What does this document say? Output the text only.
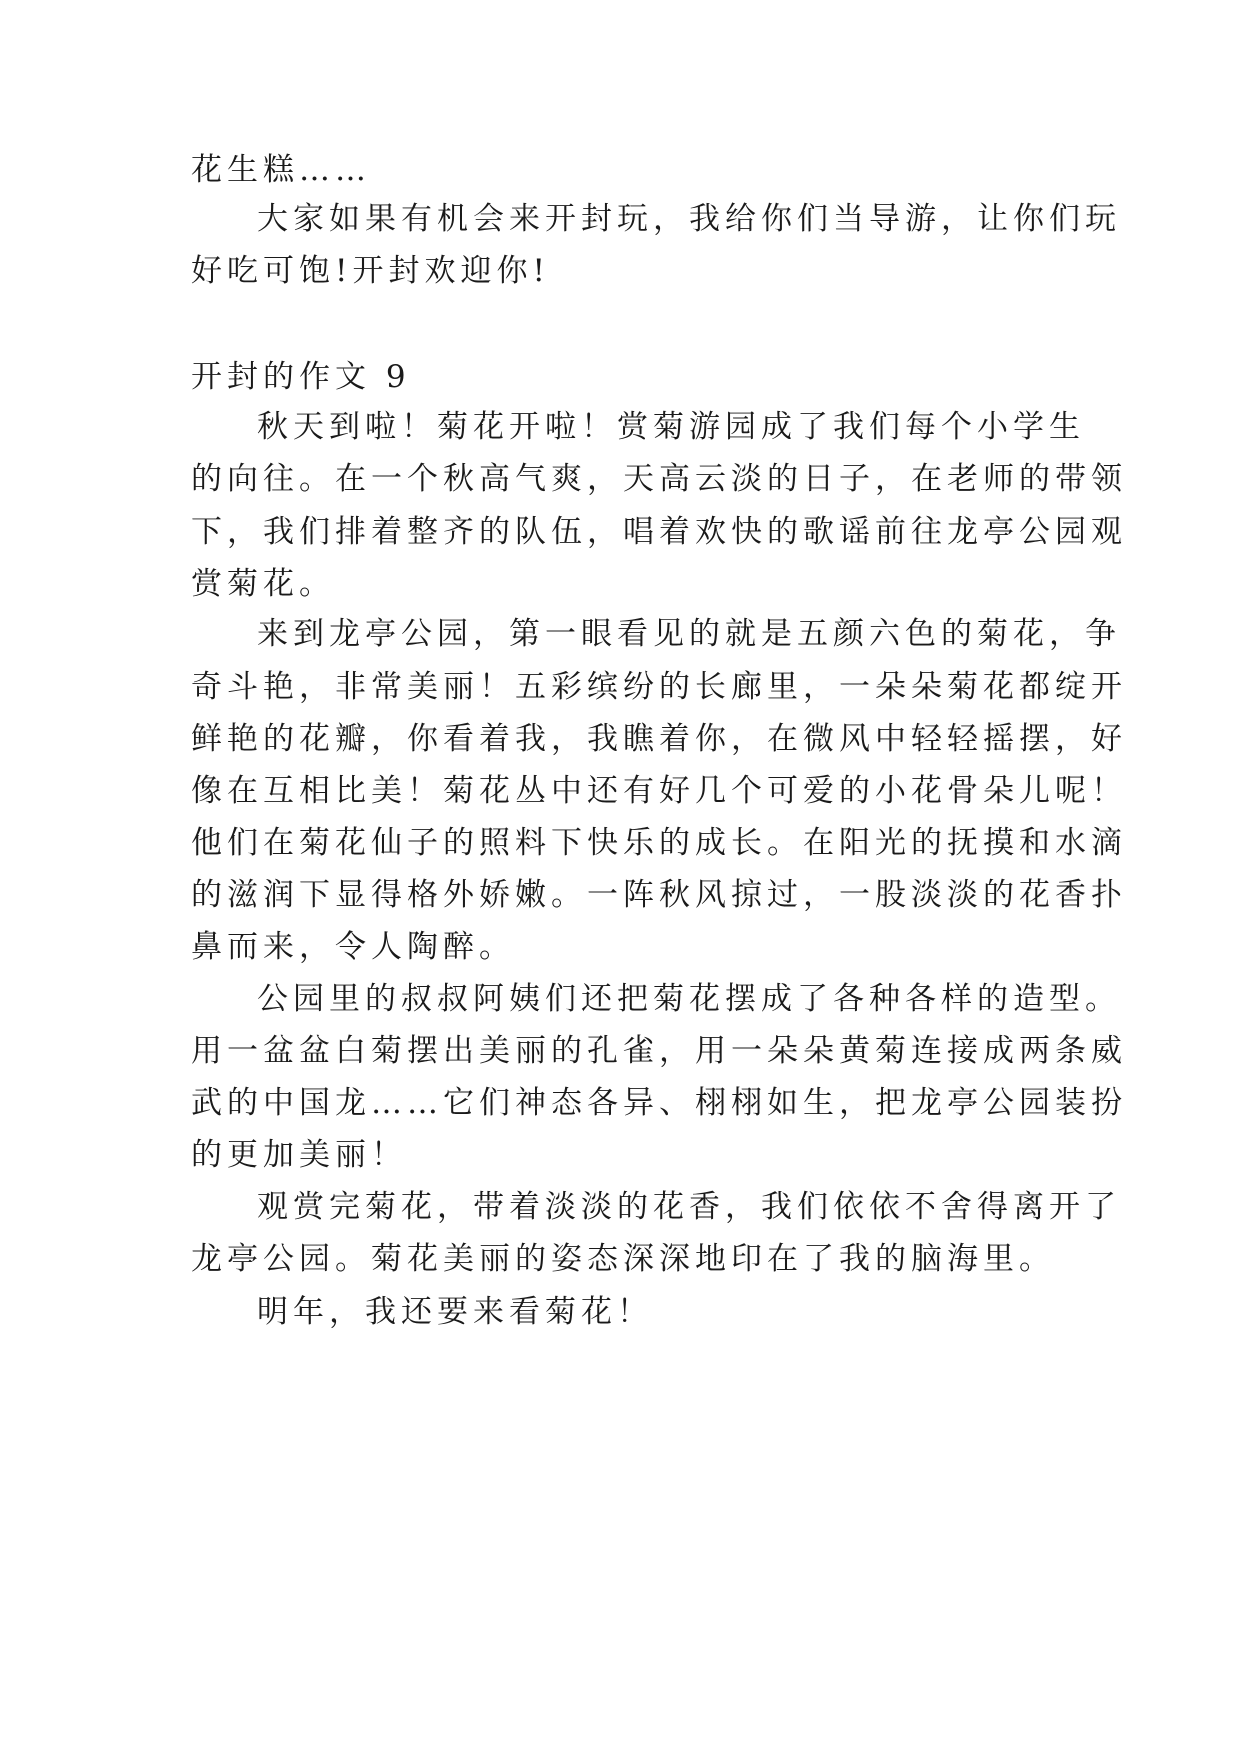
花生糕……
大家如果有机会来开封玩，我给你们当导游，让你们玩
好吃可饱!开封欢迎你!
开封的作文 9
秋天到啦！菊花开啦！赏菊游园成了我们每个小学生
的向往。在一个秋高气爽，天高云淡的日子，在老师的带领
下，我们排着整齐的队伍，唱着欢快的歌谣前往龙亭公园观
赏菊花。
来到龙亭公园，第一眼看见的就是五颜六色的菊花，争
奇斗艳，非常美丽！五彩缤纷的长廊里，一朵朵菊花都绽开
鲜艳的花瓣，你看着我，我瞧着你，在微风中轻轻摇摆，好
像在互相比美！菊花丛中还有好几个可爱的小花骨朵儿呢！
他们在菊花仙子的照料下快乐的成长。在阳光的抚摸和水滴
的滋润下显得格外娇嫩。一阵秋风掠过，一股淡淡的花香扑
鼻而来，令人陶醉。
公园里的叔叔阿姨们还把菊花摆成了各种各样的造型。
用一盆盆白菊摆出美丽的孔雀，用一朵朵黄菊连接成两条威
武的中国龙……它们神态各异、栩栩如生，把龙亭公园装扮
的更加美丽！
观赏完菊花，带着淡淡的花香，我们依依不舍得离开了
龙亭公园。菊花美丽的姿态深深地印在了我的脑海里。
明年，我还要来看菊花！
